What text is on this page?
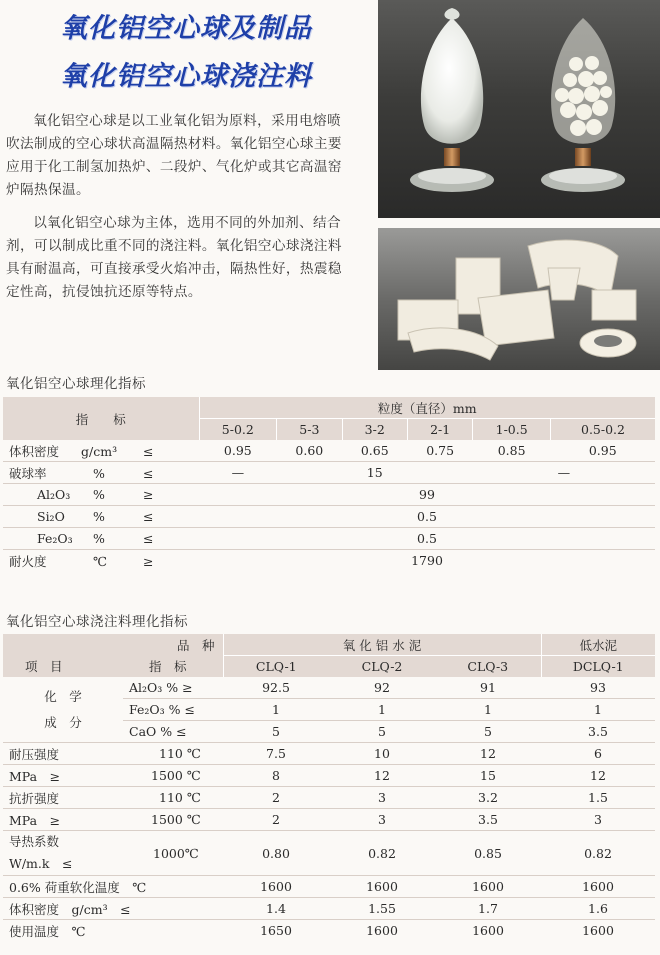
氧化铝空心球及制品
氧化铝空心球浇注料
氧化铝空心球是以工业氧化铝为原料，采用电熔喷吹法制成的空心球状高温隔热材料。氧化铝空心球主要应用于化工制氢加热炉、二段炉、气化炉或其它高温窑炉隔热保温。
以氧化铝空心球为主体，选用不同的外加剂、结合剂，可以制成比重不同的浇注料。氧化铝空心球浇注料具有耐温高，可直接承受火焰冲击，隔热性好，热震稳定性高，抗侵蚀抗还原等特点。
氧化铝空心球理化指标
指　　标	粒度（直径）mm					
	5-0.2	5-3	3-2	2-1	1-0.5	0.5-0.2
体积密度 g/cm³ ≤	0.95	0.60	0.65	0.75	0.85	0.95
破球率 % ≤	—	15			—	
Al₂O₃ % ≥	99					
Si₂O % ≤	0.5					
Fe₂O₃ % ≤	0.5					
耐火度 ℃ ≥	1790					
氧化铝空心球浇注料理化指标
品　种		氧 化 铝 水 泥			低水泥
项　目	指　标	CLQ-1	CLQ-2	CLQ-3	DCLQ-1
化　学
成　分	Al₂O₃ % ≥	92.5	92	91	93
	Fe₂O₃ % ≤	1	1	1	1
	CaO % ≤	5	5	5	3.5
耐压强度	110 ℃	7.5	10	12	6
MPa　≥	1500 ℃	8	12	15	12
抗折强度	110 ℃	2	3	3.2	1.5
MPa　≥	1500 ℃	2	3	3.5	3
导热系数
W/m.k　≤	1000℃	0.80	0.82	0.85	0.82
0.6% 荷重软化温度　℃		1600	1600	1600	1600
体积密度　g/cm³　≤		1.4	1.55	1.7	1.6
使用温度　℃		1650	1600	1600	1600
